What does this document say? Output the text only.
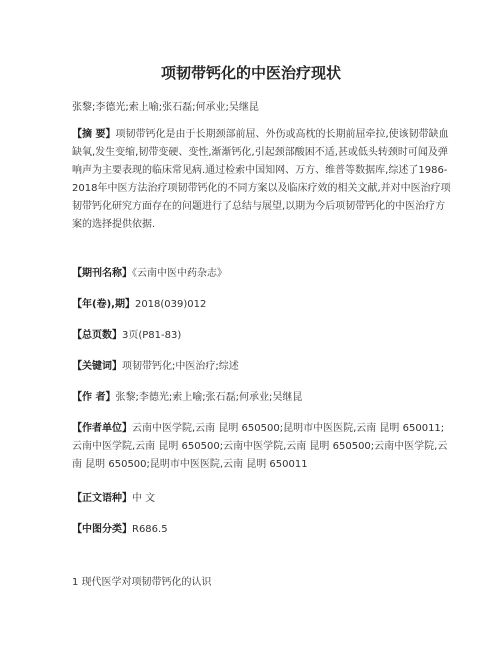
项韧带钙化的中医治疗现状
张黎;李德光;索上喻;张石磊;何承业;吴继昆

【摘 要】项韧带钙化是由于长期颈部前屈、外伤或高枕的长期前屈牵拉,使该韧带缺血缺氧,发生变缩,韧带变硬、变性,渐渐钙化,引起颈部酸困不适,甚或低头转颈时可闻及弹响声为主要表现的临床常见病.通过检索中国知网、万方、维普等数据库,综述了1986-2018年中医方法治疗项韧带钙化的不同方案以及临床疗效的相关文献,并对中医治疗项韧带钙化研究方面存在的问题进行了总结与展望,以期为今后项韧带钙化的中医治疗方案的选择提供依据.

【期刊名称】《云南中医中药杂志》

【年(卷),期】2018(039)012

【总页数】3页(P81-83)

【关键词】项韧带钙化;中医治疗;综述

【作 者】张黎;李德光;索上喻;张石磊;何承业;吴继昆

【作者单位】云南中医学院,云南 昆明 650500;昆明市中医医院,云南 昆明 650011;云南中医学院,云南 昆明 650500;云南中医学院,云南 昆明 650500;云南中医学院,云南 昆明 650500;昆明市中医医院,云南 昆明 650011

【正文语种】中 文

【中图分类】R686.5

1 现代医学对项韧带钙化的认识
